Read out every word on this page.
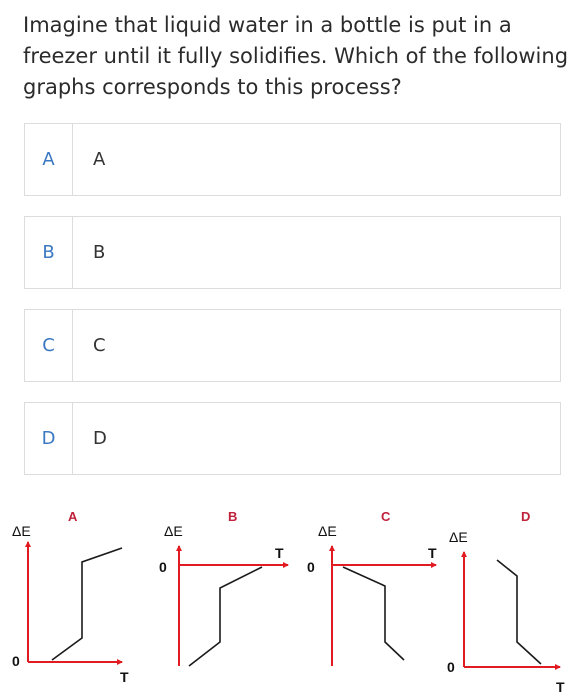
Imagine that liquid water in a bottle is put in a freezer until it fully solidifies. Which of the following graphs corresponds to this process?
A	A
B	B
C	C
D	D
A
ΔE
0
T
B
ΔE
0
T
C
ΔE
0
T
D
ΔE
0
T
